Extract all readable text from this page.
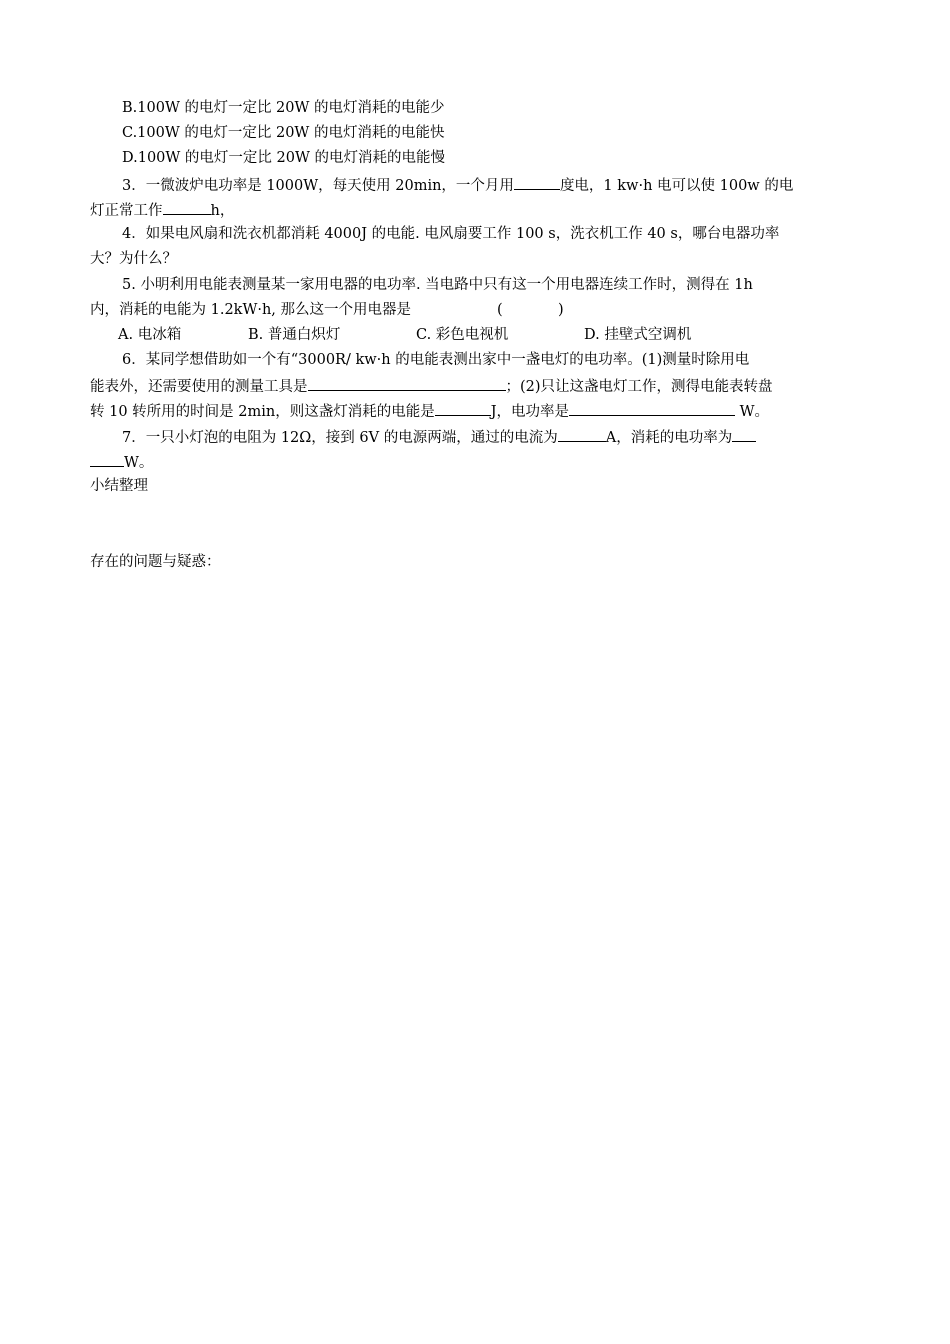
B.100W 的电灯一定比 20W 的电灯消耗的电能少
C.100W 的电灯一定比 20W 的电灯消耗的电能快
D.100W 的电灯一定比 20W 的电灯消耗的电能慢
3．一微波炉电功率是 1000W，每天使用 20min，一个月用	度电，1 kw·h 电可以使 100w 的电
灯正常工作	h，
4．如果电风扇和洗衣机都消耗 4000J 的电能. 电风扇要工作 100 s，洗衣机工作 40 s，哪台电器功率
大？为什么？
5. 小明利用电能表测量某一家用电器的电功率. 当电路中只有这一个用电器连续工作时，测得在 1h
内，消耗的电能为 1.2kW·h, 那么这一个用电器是	(            )
A. 电冰箱	B. 普通白炽灯	C. 彩色电视机	D. 挂壁式空调机
6．某同学想借助如一个有“3000R/ kw·h 的电能表测出家中一盏电灯的电功率。(1)测量时除用电
能表外，还需要使用的测量工具是	；(2)只让这盏电灯工作，测得电能表转盘
转 10 转所用的时间是 2min，则这盏灯消耗的电能是	J，电功率是	W。
7．一只小灯泡的电阻为 12Ω，接到 6V 的电源两端，通过的电流为	A，消耗的电功率为
W。
小结整理
存在的问题与疑惑：
